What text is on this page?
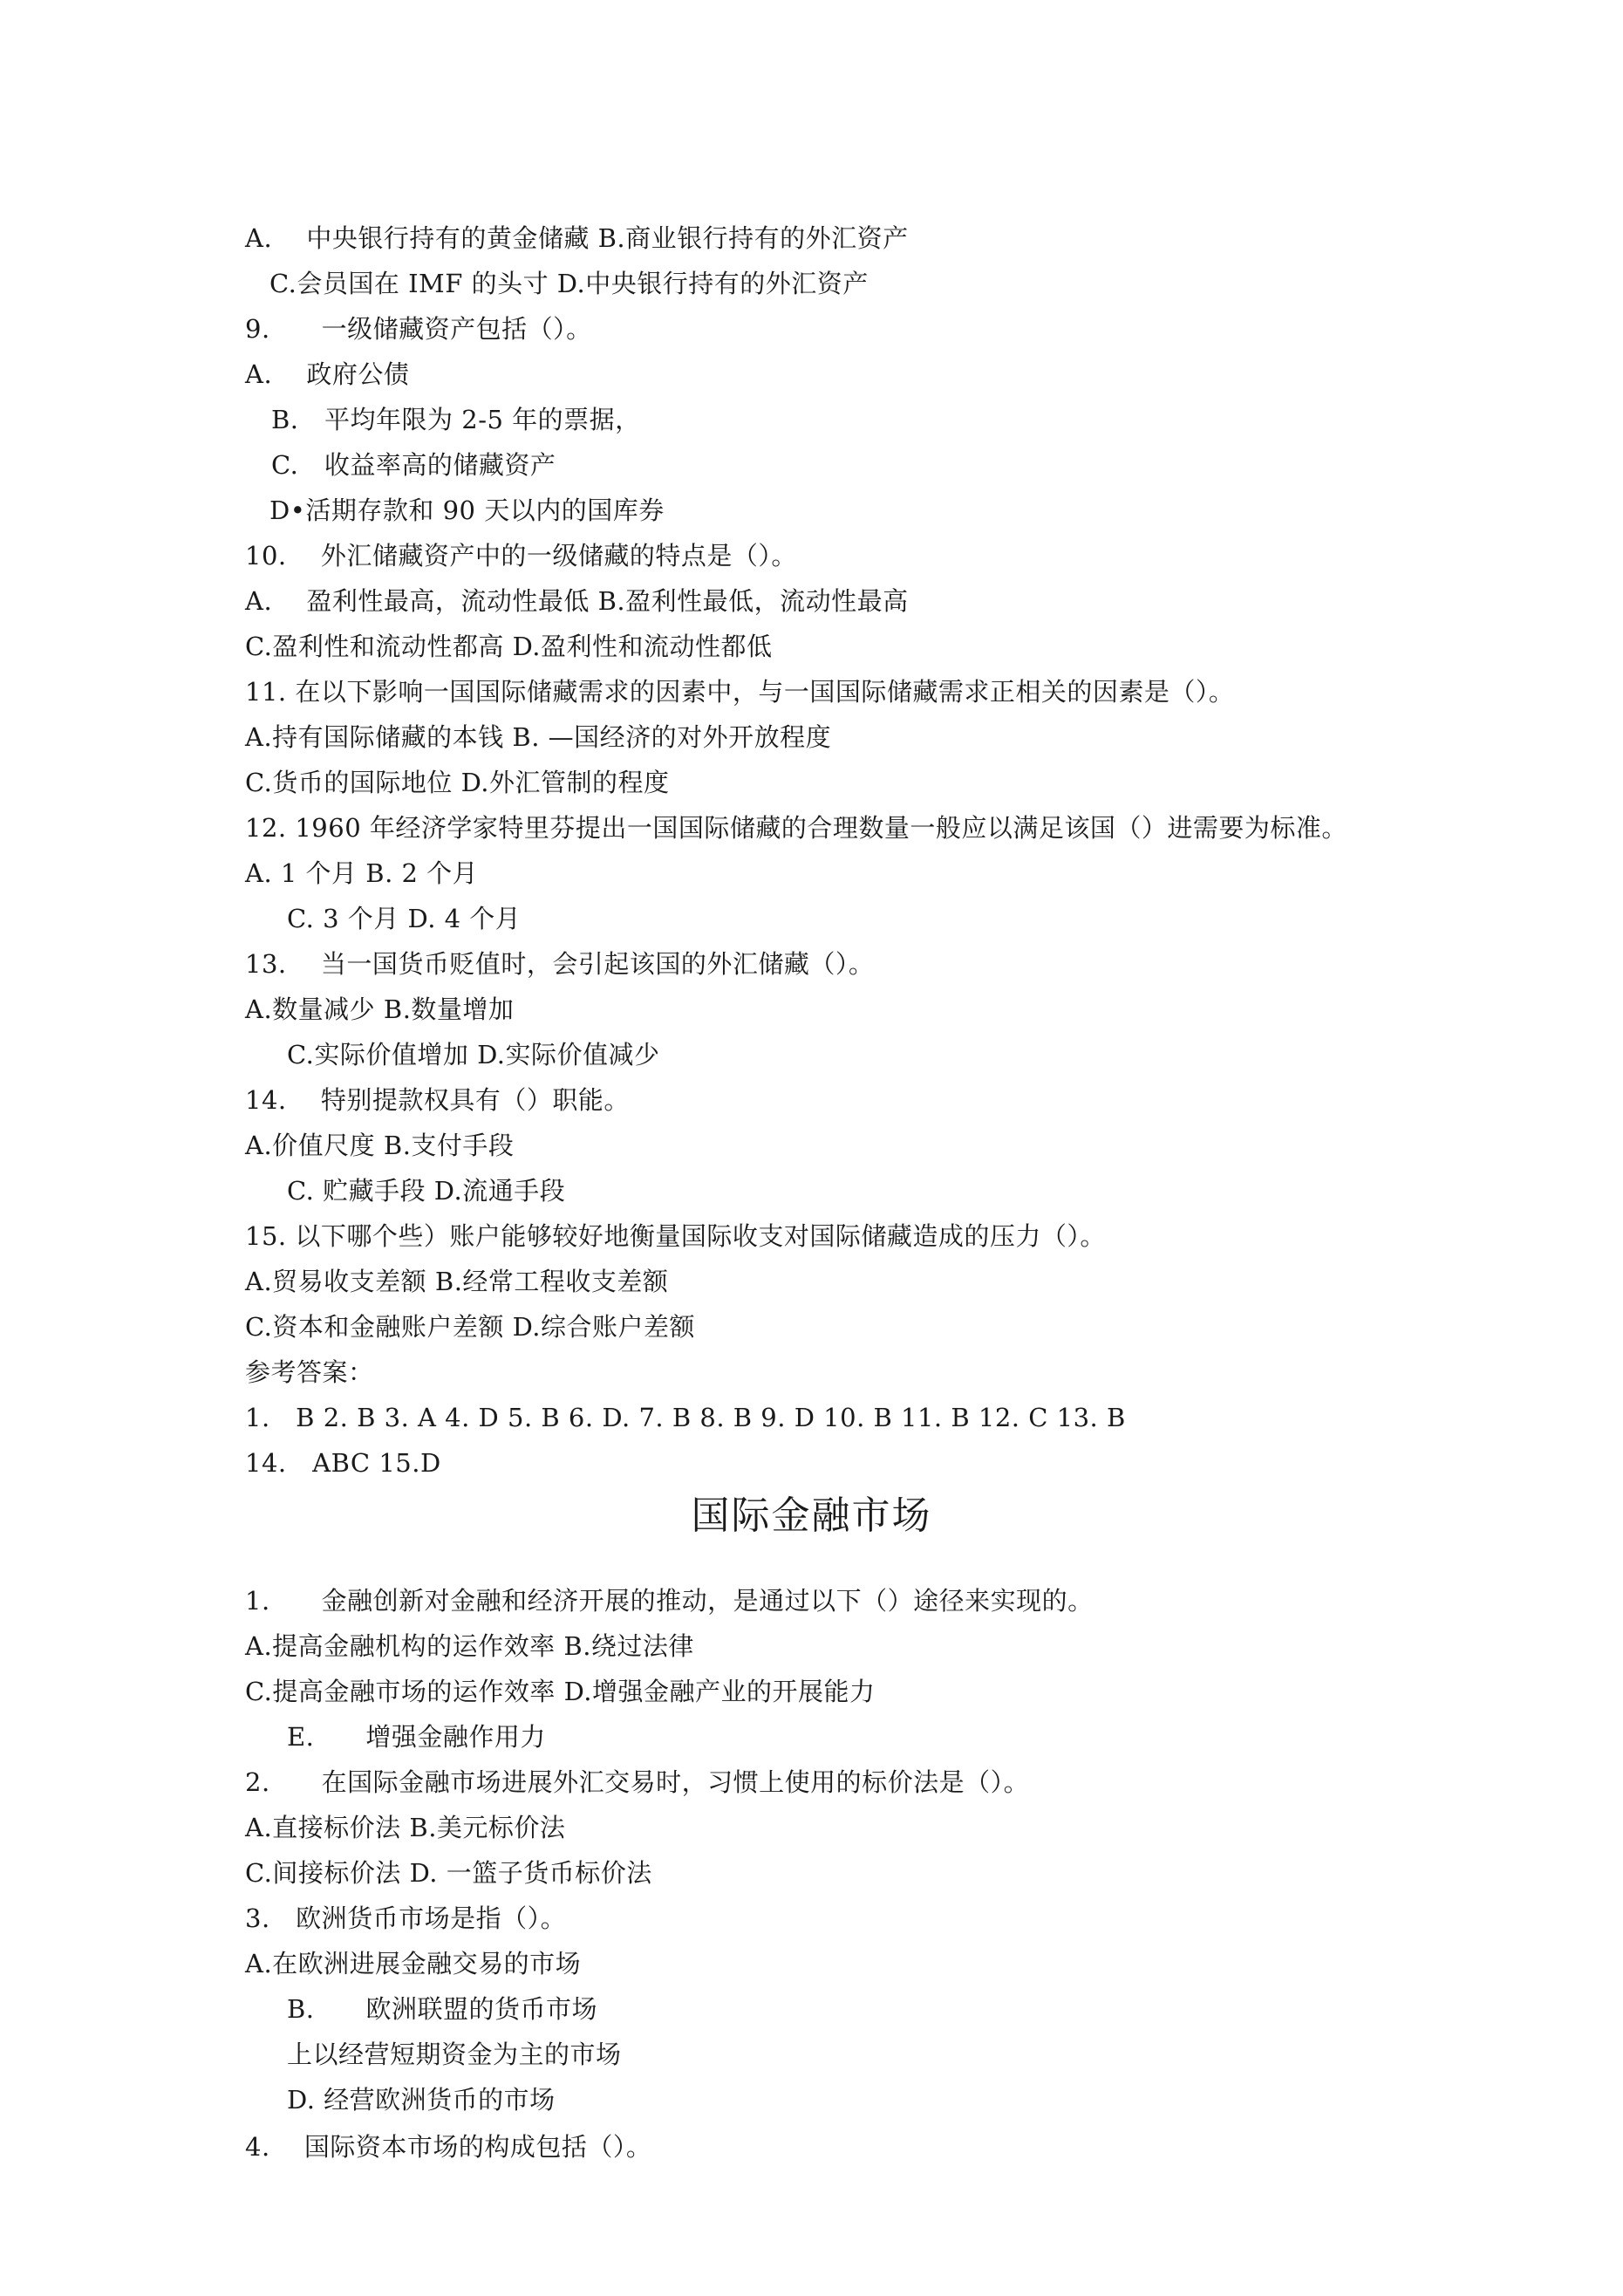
A.　 中央银行持有的黄金储藏 B.商业银行持有的外汇资产
C.会员国在 IMF 的头寸 D.中央银行持有的外汇资产
9.　　一级储藏资产包括（）。
A.　 政府公债
B.　平均年限为 2-5 年的票据，
C.　收益率高的储藏资产
D•活期存款和 90 天以内的国库券
10.　 外汇储藏资产中的一级储藏的特点是（）。
A.　 盈利性最高，流动性最低 B.盈利性最低，流动性最高
C.盈利性和流动性都高 D.盈利性和流动性都低
11. 在以下影响一国国际储藏需求的因素中，与一国国际储藏需求正相关的因素是（）。
A.持有国际储藏的本钱 B. —国经济的对外开放程度
C.货币的国际地位 D.外汇管制的程度
12. 1960 年经济学家特里芬提出一国国际储藏的合理数量一般应以满足该国（）进需要为标准。
A. 1 个月 B. 2 个月
C. 3 个月 D. 4 个月
13.　 当一国货币贬值时，会引起该国的外汇储藏（）。
A.数量减少 B.数量增加
C.实际价值增加 D.实际价值减少
14.　 特别提款权具有（）职能。
A.价值尺度 B.支付手段
C. 贮藏手段 D.流通手段
15. 以下哪个些）账户能够较好地衡量国际收支对国际储藏造成的压力（）。
A.贸易收支差额 B.经常工程收支差额
C.资本和金融账户差额 D.综合账户差额
参考答案：
1.　B 2. B 3. A 4. D 5. B 6. D. 7. B 8. B 9. D 10. B 11. B 12. C 13. B
14.　ABC 15.D
国际金融市场
1.　　金融创新对金融和经济开展的推动，是通过以下（）途径来实现的。
A.提高金融机构的运作效率 B.绕过法律
C.提高金融市场的运作效率 D.增强金融产业的开展能力
E.　　增强金融作用力
2.　　在国际金融市场进展外汇交易时，习惯上使用的标价法是（）。
A.直接标价法 B.美元标价法
C.间接标价法 D. 一篮子货币标价法
3.　欧洲货币市场是指（）。
A.在欧洲进展金融交易的市场
B.　　欧洲联盟的货币市场
上以经营短期资金为主的市场
D. 经营欧洲货币的市场
4.　 国际资本市场的构成包括（）。
